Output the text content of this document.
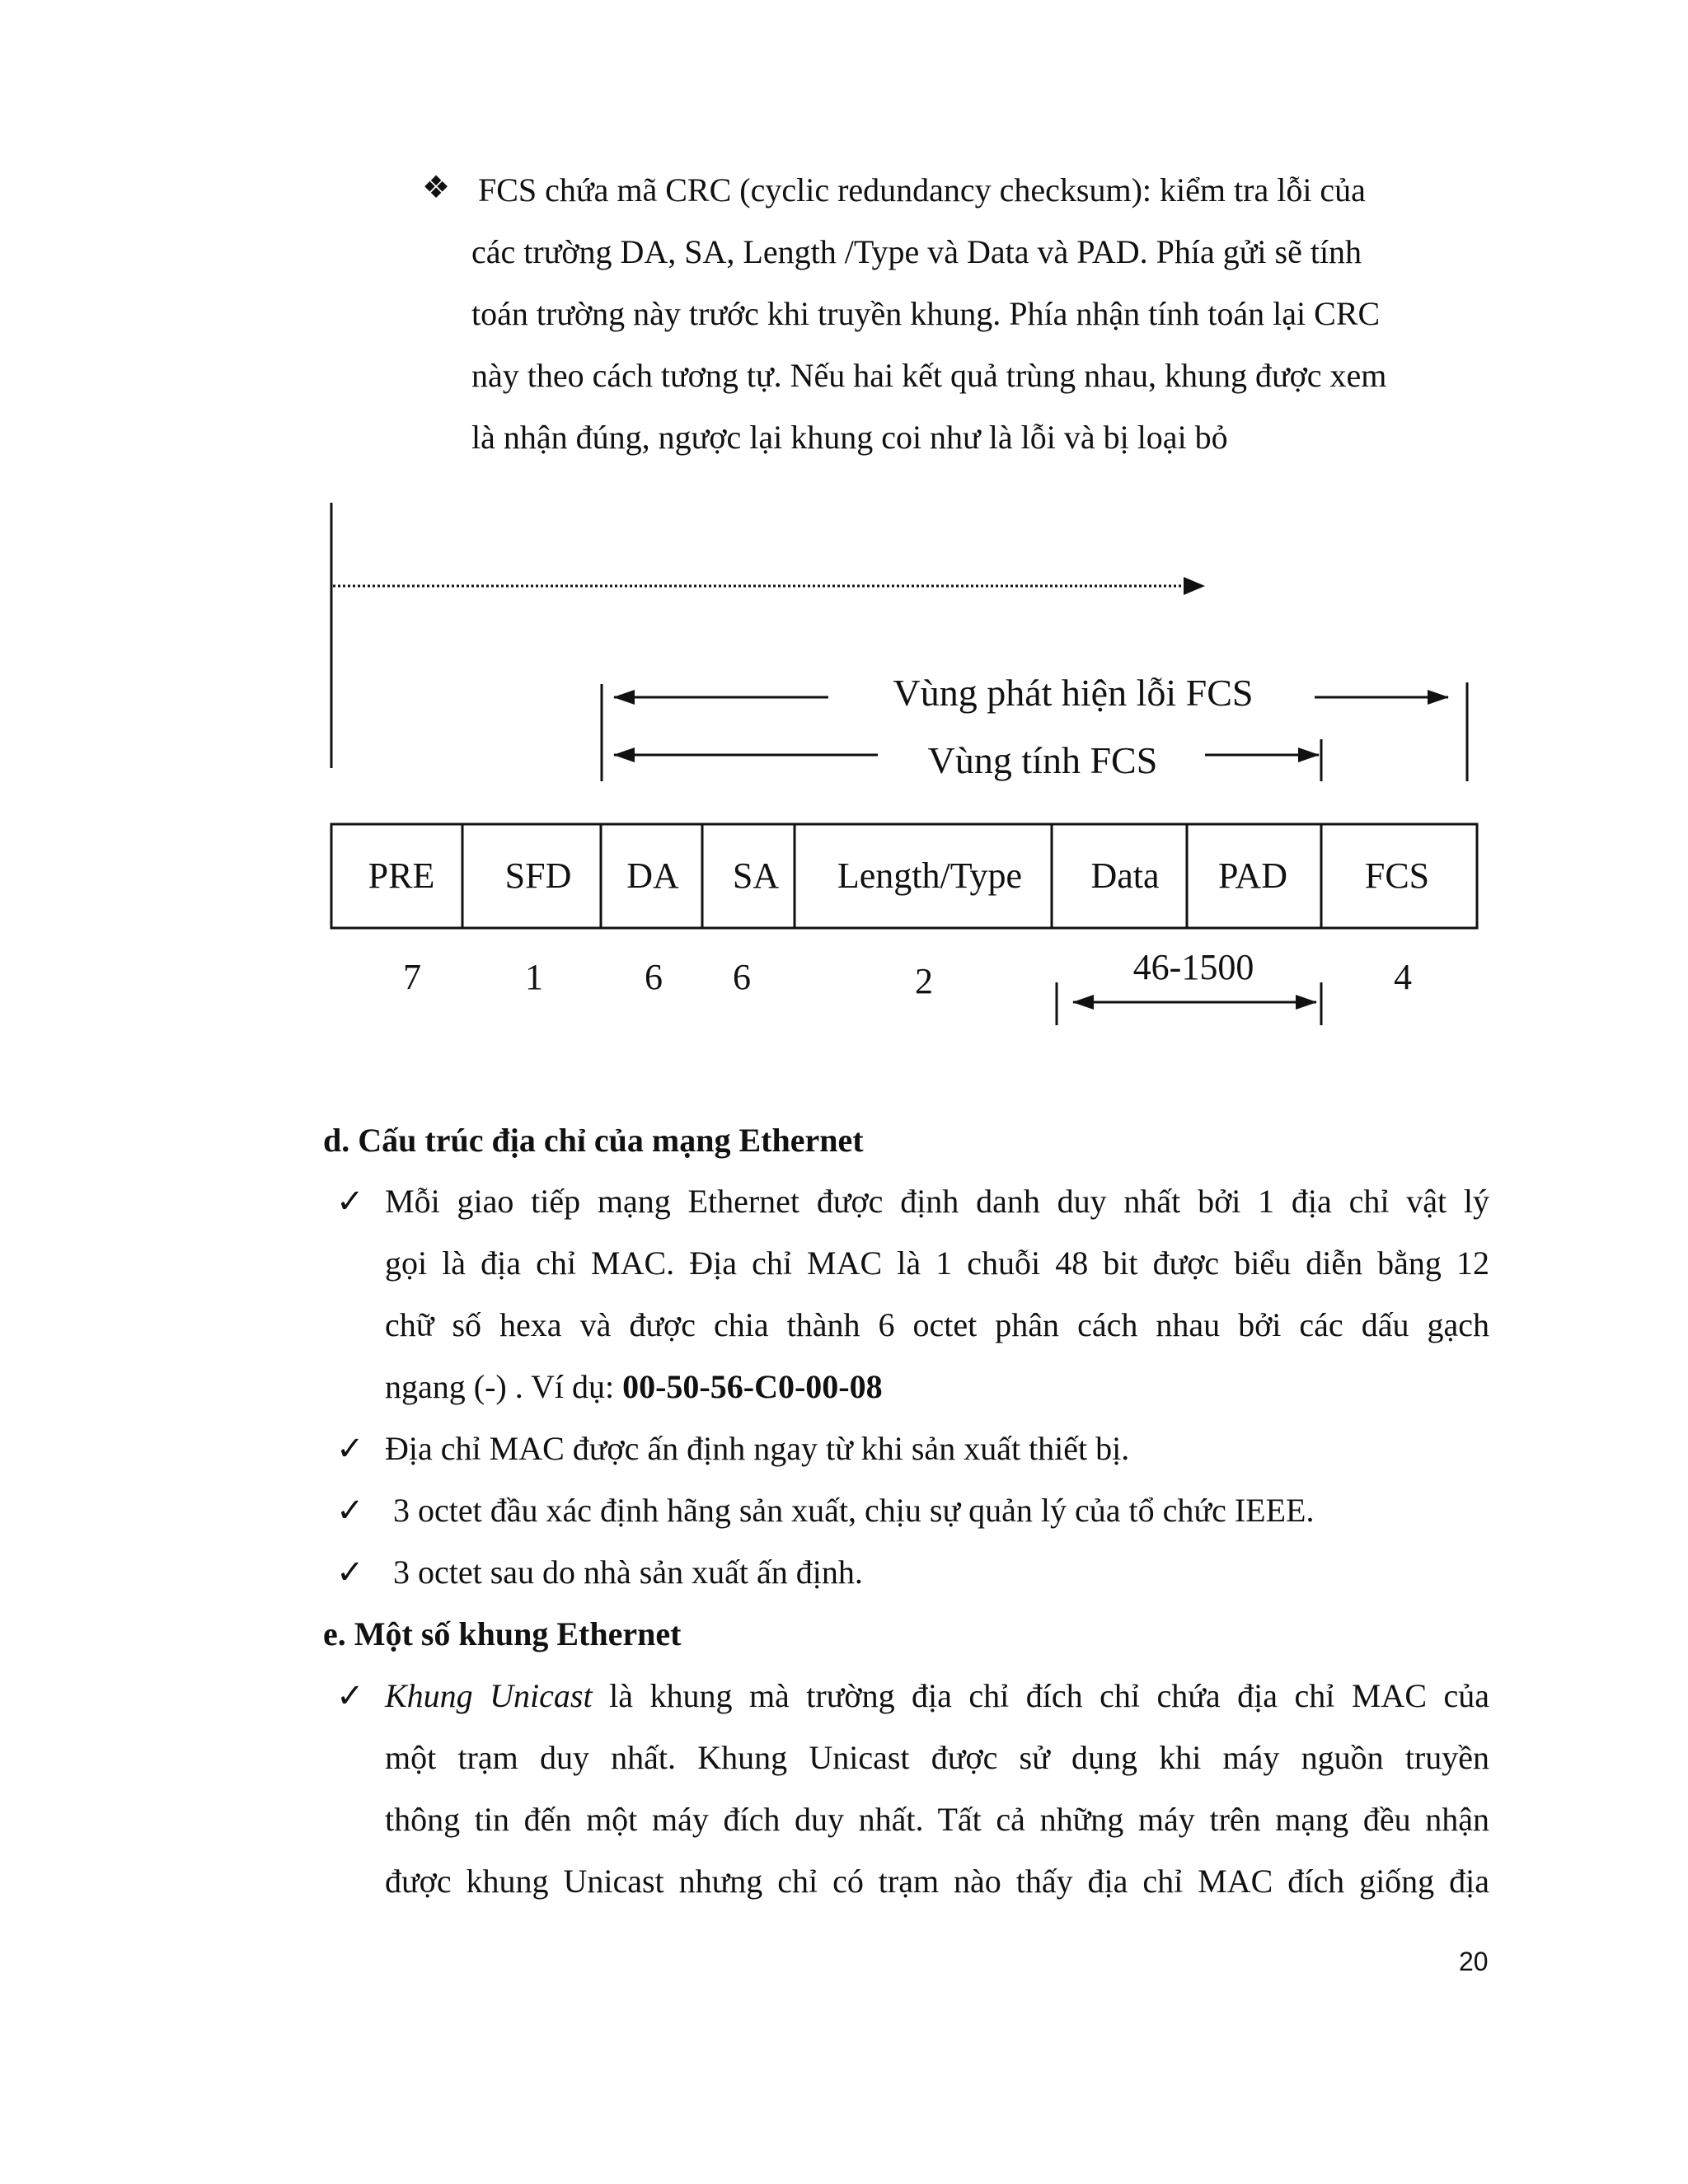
❖ FCS chứa mã CRC (cyclic redundancy checksum): kiểm tra lỗi của
các trường DA, SA, Length /Type và Data và PAD. Phía gửi sẽ tính
toán trường này trước khi truyền khung. Phía nhận tính toán lại CRC
này theo cách tương tự. Nếu hai kết quả trùng nhau, khung được xem
là nhận đúng, ngược lại khung coi như là lỗi và bị loại bỏ
Vùng phát hiện lỗi FCS
Vùng tính FCS
PRE SFD DA SA Length/Type Data PAD FCS
7	1	6 6	2	46-1500	4
d. Cấu trúc địa chỉ của mạng Ethernet
✓ Mỗi giao tiếp mạng Ethernet được định danh duy nhất bởi 1 địa chỉ vật lý
gọi là địa chỉ MAC. Địa chỉ MAC là 1 chuỗi 48 bit được biểu diễn bằng 12
chữ số hexa và được chia thành 6 octet phân cách nhau bởi các dấu gạch
ngang (-) . Ví dụ: 00-50-56-C0-00-08
✓ Địa chỉ MAC được ấn định ngay từ khi sản xuất thiết bị.
✓ 3 octet đầu xác định hãng sản xuất, chịu sự quản lý của tổ chức IEEE.
✓ 3 octet sau do nhà sản xuất ấn định.
e. Một số khung Ethernet
✓ Khung Unicast là khung mà trường địa chỉ đích chỉ chứa địa chỉ MAC của
một trạm duy nhất. Khung Unicast được sử dụng khi máy nguồn truyền
thông tin đến một máy đích duy nhất. Tất cả những máy trên mạng đều nhận
được khung Unicast nhưng chỉ có trạm nào thấy địa chỉ MAC đích giống địa
20
